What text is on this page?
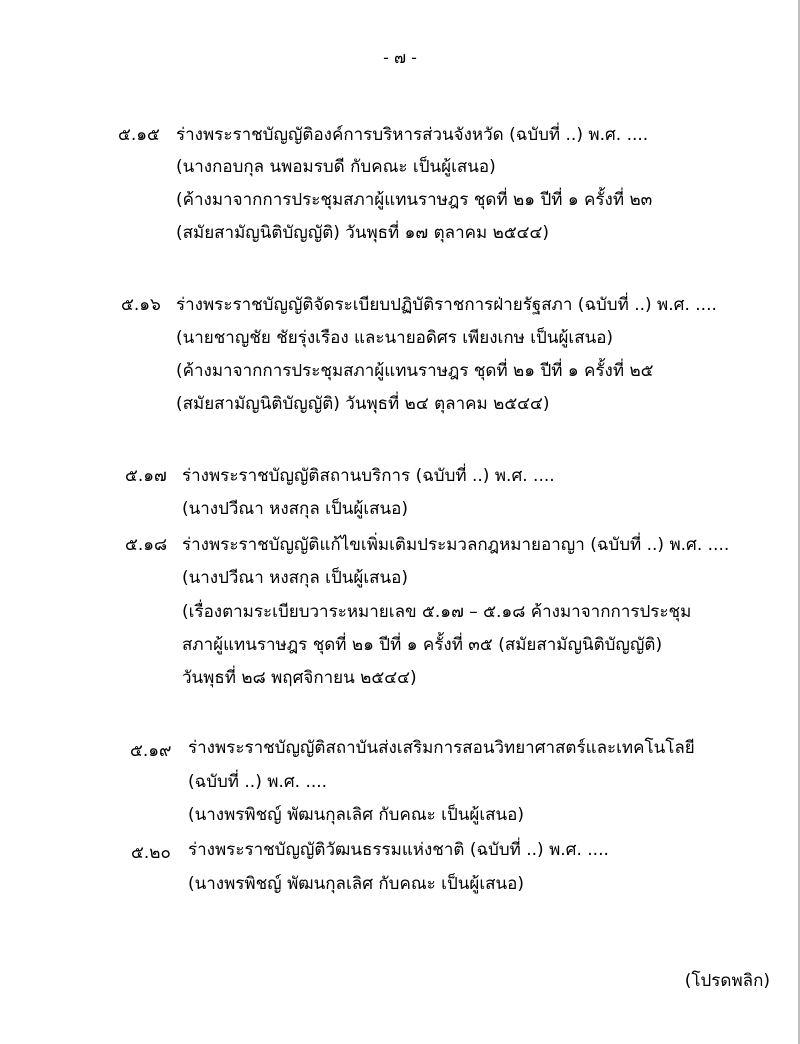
- ๗ -
๕.๑๕ ร่างพระราชบัญญัติองค์การบริหารส่วนจังหวัด (ฉบับที่ ..) พ.ศ. ....
(นางกอบกุล นพอมรบดี กับคณะ เป็นผู้เสนอ)
(ค้างมาจากการประชุมสภาผู้แทนราษฎร ชุดที่ ๒๑ ปีที่ ๑ ครั้งที่ ๒๓
(สมัยสามัญนิติบัญญัติ) วันพุธที่ ๑๗ ตุลาคม ๒๕๔๔)
๕.๑๖ ร่างพระราชบัญญัติจัดระเบียบปฏิบัติราชการฝ่ายรัฐสภา (ฉบับที่ ..) พ.ศ. ....
(นายชาญชัย ชัยรุ่งเรือง และนายอดิศร เพียงเกษ เป็นผู้เสนอ)
(ค้างมาจากการประชุมสภาผู้แทนราษฎร ชุดที่ ๒๑ ปีที่ ๑ ครั้งที่ ๒๕
(สมัยสามัญนิติบัญญัติ) วันพุธที่ ๒๔ ตุลาคม ๒๕๔๔)
๕.๑๗ ร่างพระราชบัญญัติสถานบริการ (ฉบับที่ ..) พ.ศ. ....
(นางปวีณา หงสกุล เป็นผู้เสนอ)
๕.๑๘ ร่างพระราชบัญญัติแก้ไขเพิ่มเติมประมวลกฎหมายอาญา (ฉบับที่ ..) พ.ศ. ....
(นางปวีณา หงสกุล เป็นผู้เสนอ)
(เรื่องตามระเบียบวาระหมายเลข ๕.๑๗ – ๕.๑๘ ค้างมาจากการประชุม
สภาผู้แทนราษฎร ชุดที่ ๒๑ ปีที่ ๑ ครั้งที่ ๓๕ (สมัยสามัญนิติบัญญัติ)
วันพุธที่ ๒๘ พฤศจิกายน ๒๕๔๔)
๕.๑๙ ร่างพระราชบัญญัติสถาบันส่งเสริมการสอนวิทยาศาสตร์และเทคโนโลยี
(ฉบับที่ ..) พ.ศ. ....
(นางพรพิชญ์ พัฒนกุลเลิศ กับคณะ เป็นผู้เสนอ)
๕.๒๐ ร่างพระราชบัญญัติวัฒนธรรมแห่งชาติ (ฉบับที่ ..) พ.ศ. ....
(นางพรพิชญ์ พัฒนกุลเลิศ กับคณะ เป็นผู้เสนอ)
(โปรดพลิก)
